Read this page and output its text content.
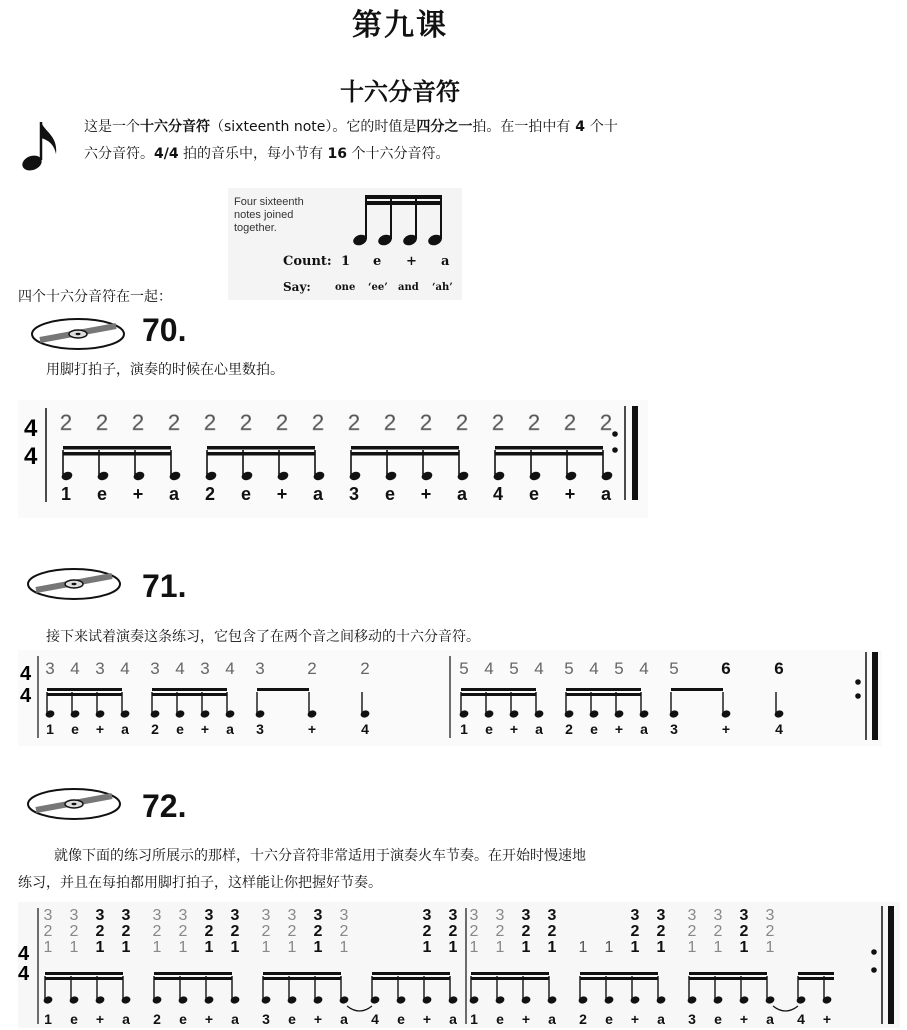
第九课
十六分音符
这是一个十六分音符（sixteenth note）。它的时值是四分之一拍。在一拍中有 4 个十
六分音符。4/4 拍的音乐中，每小节有 16 个十六分音符。
Four sixteenth
notes joined
together.
Count: 1 e + a
Say: one ‘ee’ and ‘ah’
四个十六分音符在一起：
70.
用脚打拍子，演奏的时候在心里数拍。
4
4
2 2 2 2 2 2 2 2 2 2 2 2 2 2 2 2
1 e + a 2 e + a 3 e + a 4 e + a
71.
接下来试着演奏这条练习，它包含了在两个音之间移动的十六分音符。
4
4
3
1
4
e
3
+
4
a
3
2
4
e
3
+
4
a
3
3
2
+
2
4
5
1
4
e
5
+
4
a
5
2
4
e
5
+
4
a
5
3
6
+
6
4
72.
就像下面的练习所展示的那样，十六分音符非常适用于演奏火车节奏。在开始时慢速地
练习，并且在每拍都用脚打拍子，这样能让你把握好节奏。
4
4
3
2
1
1
3
2
1
e
3
2
1
+
3
2
1
a
3
2
1
2
3
2
1
e
3
2
1
+
3
2
1
a
3
2
1
3
3
2
1
e
3
2
1
+
3
2
1
a 4 e
3
2
1
+
3
2
1
a
3
2
1
1
3
2
1
e
3
2
1
+
3
2
1
a
1
2
1
e
3
2
1
+
3
2
1
a
3
2
1
3
3
2
1
e
3
2
1
+
3
2
1
a 4 +
